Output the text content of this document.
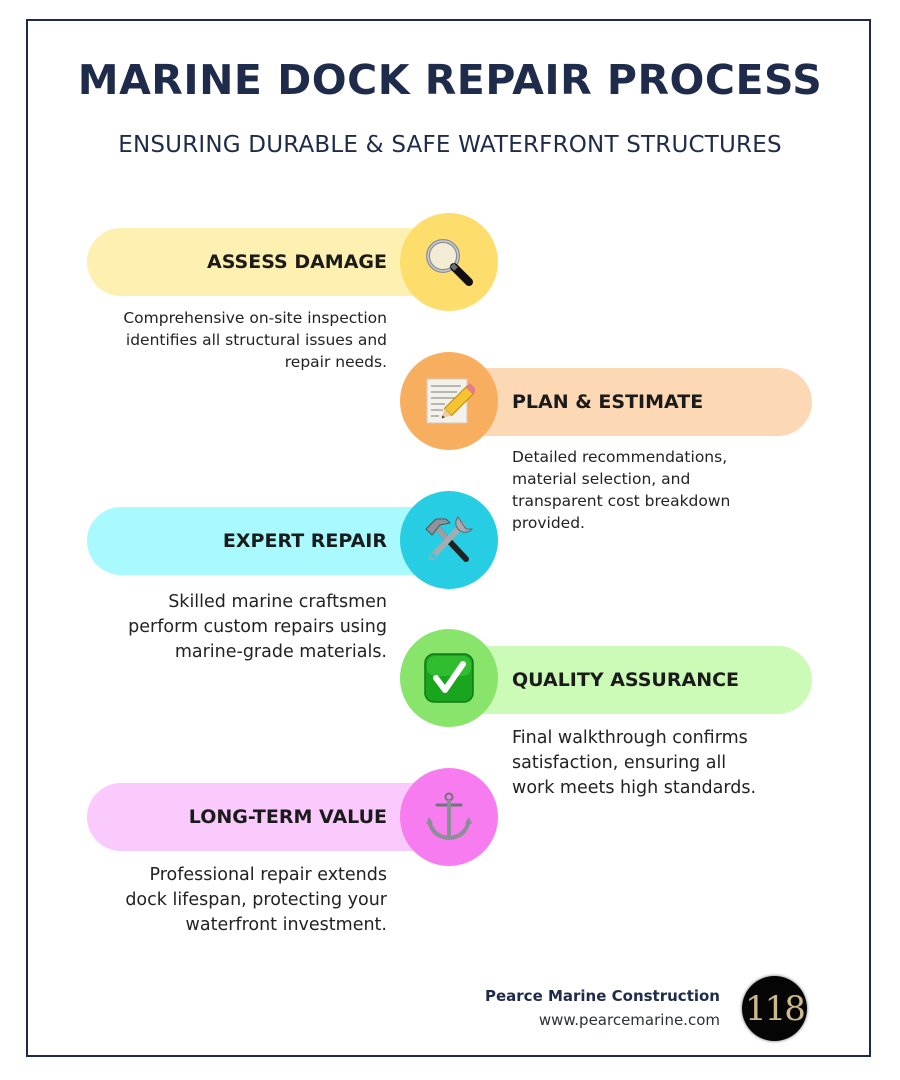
MARINE DOCK REPAIR PROCESS
ENSURING DURABLE & SAFE WATERFRONT STRUCTURES
ASSESS DAMAGE
Comprehensive on-site inspection
identifies all structural issues and
repair needs.
PLAN & ESTIMATE
Detailed recommendations,
material selection, and
transparent cost breakdown
provided.
EXPERT REPAIR
Skilled marine craftsmen
perform custom repairs using
marine-grade materials.
QUALITY ASSURANCE
Final walkthrough confirms
satisfaction, ensuring all
work meets high standards.
LONG-TERM VALUE
Professional repair extends
dock lifespan, protecting your
waterfront investment.
Pearce Marine Construction
www.pearcemarine.com 118
